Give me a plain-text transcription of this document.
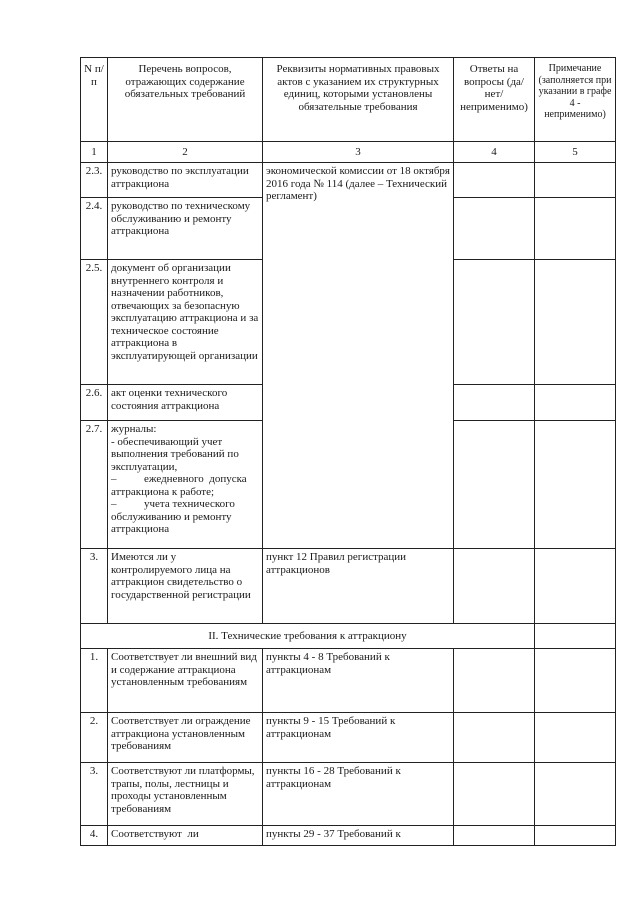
N п/п	Перечень вопросов, отражающих содержание обязательных требований	Реквизиты нормативных правовых актов с указанием их структурных единиц, которыми установлены обязательные требования	Ответы на вопросы (да/нет/ неприменимо)	Примечание (заполняется при указании в графе 4 - неприменимо)
1	2	3	4	5
2.3.	руководство по эксплуатации аттракциона	экономической комиссии от 18 октября 2016 года № 114 (далее – Технический регламент)		
2.4.	руководство по техническому обслуживанию и ремонту аттракциона			
2.5.	документ об организации внутреннего контроля и назначении работников, отвечающих за безопасную эксплуатацию аттракциона и за техническое состояние аттракциона в эксплуатирующей организации			
2.6.	акт оценки технического состояния аттракциона			
2.7.	журналы:
- обеспечивающий учет выполнения требований по эксплуатации,
–          ежедневного  допуска аттракциона к работе;
–          учета технического обслуживанию и ремонту аттракциона			

3.	Имеются ли у контролируемого лица на аттракцион свидетельство о государственной регистрации	пункт 12 Правил регистрации аттракционов		
II. Технические требования к аттракциону				
1.	Соответствует ли внешний вид и содержание аттракциона установленным требованиям	пункты 4 - 8 Требований к аттракционам		
2.	Соответствует ли ограждение аттракциона установленным требованиям	пункты 9 - 15 Требований к аттракционам		
3.	Соответствуют ли платформы, трапы, полы, лестницы и проходы установленным требованиям	пункты 16 - 28 Требований к аттракционам		
4.	Соответствуют  ли	пункты 29 - 37 Требований к		
